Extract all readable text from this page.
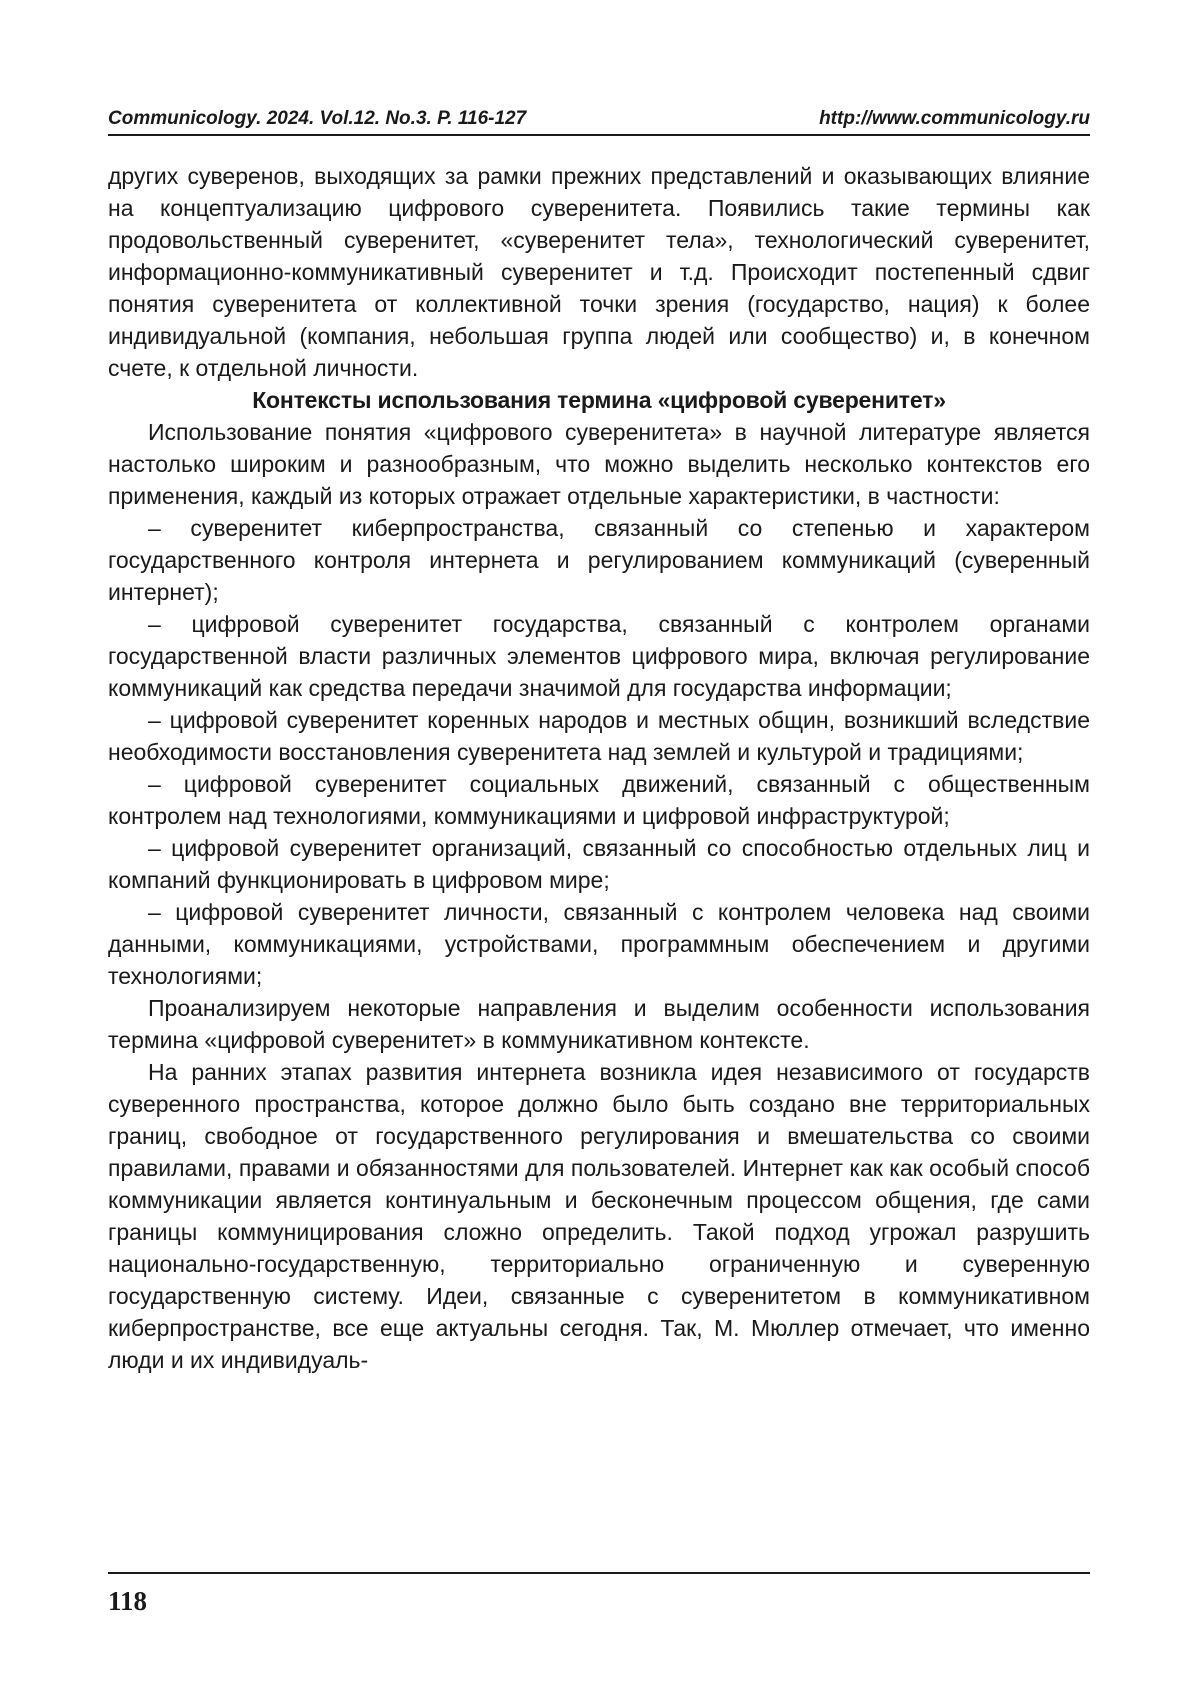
Communicology. 2024. Vol.12. No.3. P. 116-127	http://www.communicology.ru

других суверенов, выходящих за рамки прежних представлений и оказывающих влияние на концептуализацию цифрового суверенитета. Появились такие термины как продовольственный суверенитет, «суверенитет тела», технологический суверенитет, информационно-коммуникативный суверенитет и т.д. Происходит постепенный сдвиг понятия суверенитета от коллективной точки зрения (государство, нация) к более индивидуальной (компания, небольшая группа людей или сообщество) и, в конечном счете, к отдельной личности.

Контексты использования термина «цифровой суверенитет»

Использование понятия «цифрового суверенитета» в научной литературе является настолько широким и разнообразным, что можно выделить несколько контекстов его применения, каждый из которых отражает отдельные характеристики, в частности:

– суверенитет киберпространства, связанный со степенью и характером государственного контроля интернета и регулированием коммуникаций (суверенный интернет);

– цифровой суверенитет государства, связанный с контролем органами государственной власти различных элементов цифрового мира, включая регулирование коммуникаций как средства передачи значимой для государства информации;

– цифровой суверенитет коренных народов и местных общин, возникший вследствие необходимости восстановления суверенитета над землей и культурой и традициями;

– цифровой суверенитет социальных движений, связанный с общественным контролем над технологиями, коммуникациями и цифровой инфраструктурой;

– цифровой суверенитет организаций, связанный со способностью отдельных лиц и компаний функционировать в цифровом мире;

– цифровой суверенитет личности, связанный с контролем человека над своими данными, коммуникациями, устройствами, программным обеспечением и другими технологиями;

Проанализируем некоторые направления и выделим особенности использования термина «цифровой суверенитет» в коммуникативном контексте.

На ранних этапах развития интернета возникла идея независимого от государств суверенного пространства, которое должно было быть создано вне территориальных границ, свободное от государственного регулирования и вмешательства со своими правилами, правами и обязанностями для пользователей. Интернет как как особый способ коммуникации является континуальным и бесконечным процессом общения, где сами границы коммуницирования сложно определить. Такой подход угрожал разрушить национально-государственную, территориально ограниченную и суверенную государственную систему. Идеи, связанные с суверенитетом в коммуникативном киберпространстве, все еще актуальны сегодня. Так, М. Мюллер отмечает, что именно люди и их индивидуаль-

118
